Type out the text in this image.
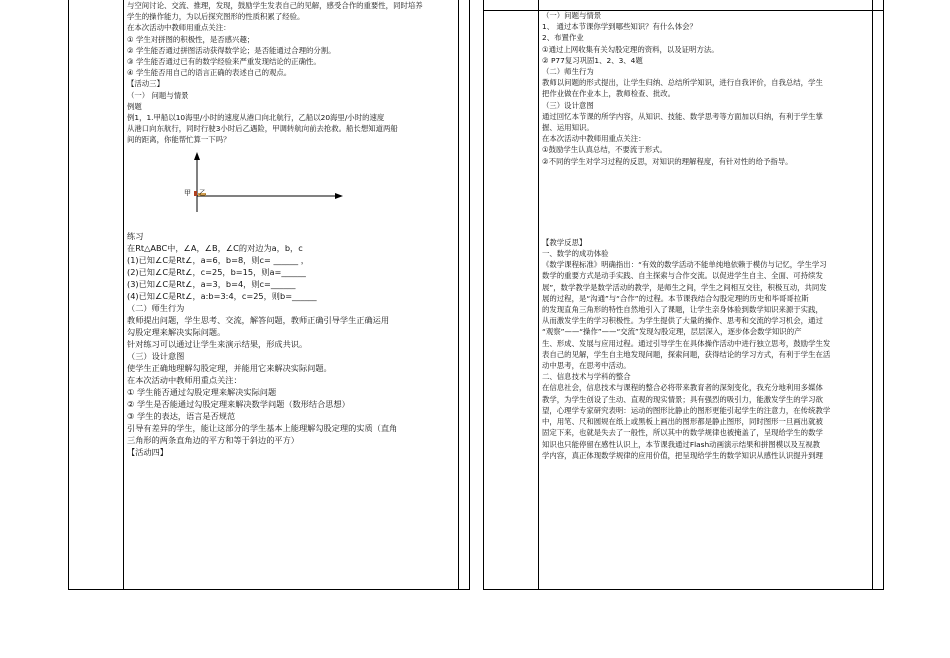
与空间讨论、交流、推理，发现，鼓励学生发表自己的见解，感受合作的重要性，同时培养

学生的操作能力，为以后探究图形的性质积累了经验。

在本次活动中教师用重点关注：

① 学生对拼图的积极性，是否感兴趣；

② 学生能否通过拼图活动获得数学论；是否能通过合理的分割。

③ 学生能否通过已有的数学经验来严重发现结论的正确性。

④ 学生能否用自己的语言正确的表述自己的观点。

【活动三】

（一） 问题与情景

例题

例1，1.甲船以10海里/小时的速度从港口向北航行，乙船以20海里/小时的速度

从港口向东航行，同时行驶3小时后乙遇险，甲调转航向前去抢救。船长想知道两船

间的距离，你能帮忙算一下吗？

甲 乙

练习

在Rt△ABC中，∠A，∠B，∠C的对边为a，b，c

(1)已知∠C是Rt∠，a=6，b=8，则c= ______ ，

(2)已知∠C是Rt∠，c=25，b=15，则a=______

(3)已知∠C是Rt∠，a=3，b=4，则c=______

(4)已知∠C是Rt∠，a:b=3:4，c=25，则b=______

（二）师生行为

教师提出问题，学生思考、交流，解答问题，教师正确引导学生正确运用

勾股定理来解决实际问题。

针对练习可以通过让学生来演示结果，形成共识。

（三）设计意图

使学生正确地理解勾股定理，并能用它来解决实际问题。

在本次活动中教师用重点关注：

① 学生能否通过勾股定理来解决实际问题

② 学生是否能通过勾股定理来解决数学问题（数形结合思想）

③ 学生的表达，语言是否规范

引导有差异的学生，能让这部分的学生基本上能理解勾股定理的实质（直角

三角形的两条直角边的平方和等于斜边的平方）

【活动四】

（一）问题与情景

1、 通过本节课你学到哪些知识？有什么体会？

2、布置作业

①通过上网收集有关勾股定理的资料，以及证明方法。

② P77复习巩固1、2、3、4题

（二）师生行为

教师以问题的形式提出，让学生归纳、总结所学知识，进行自我评价，自我总结，学生

把作业做在作业本上，教师检查、批改。

（三）设计意图

通过回忆本节课的所学内容，从知识、技能、数学思考等方面加以归纳，有利于学生掌

握、运用知识。

在本次活动中教师用重点关注：

①鼓励学生认真总结，不要流于形式。

②不同的学生对学习过程的反思，对知识的理解程度，有针对性的给予指导。

【教学反思】

一、数学的成功体验

《数学课程标准》明确指出：“有效的数学活动不能单纯地依赖于模仿与记忆，学生学习

数学的重要方式是动手实践、自主探索与合作交流。以促进学生自主、全面、可持续发

展”，数学教学是数学活动的教学，是师生之间，学生之间相互交往，积极互动，共同发

展的过程，是“沟通”与“合作”的过程。本节课我结合勾股定理的历史和毕哥哥拉斯

的发现直角三角形的特性自然地引入了课题，让学生亲身体验到数学知识来源于实践，

从而激发学生的学习积极性。为学生提供了大量的操作、思考和交流的学习机会，通过

“观察”——“操作”——“交流”发现勾股定理，层层深入，逐步体会数学知识的产

生、形成、发展与应用过程。通过引导学生在具体操作活动中进行独立思考，鼓励学生发

表自己的见解，学生自主地发现问题，探索问题，获得结论的学习方式，有利于学生在活

动中思考，在思考中活动。

二、信息技术与学科的整合

在信息社会，信息技术与课程的整合必将带来教育者的深刻变化，我充分地利用多媒体

教学，为学生创设了生动、直观的现实情景；具有强烈的吸引力，能激发学生的学习欲

望，心理学专家研究表明：运动的图形比静止的图形更能引起学生的注意力，在传统教学

中，用笔、尺和圆规在纸上或黑板上画出的图形都是静止图形，同时图形一旦画出就被

固定下来，也就是失去了一般性，所以其中的数学规律也被掩盖了，呈现给学生的数学

知识也只能停留在感性认识上，本节课我通过Flash动画演示结果和拼图模以及互视教

学内容，真正体现数学规律的应用价值，把呈现给学生的数学知识从感性认识提升到理
